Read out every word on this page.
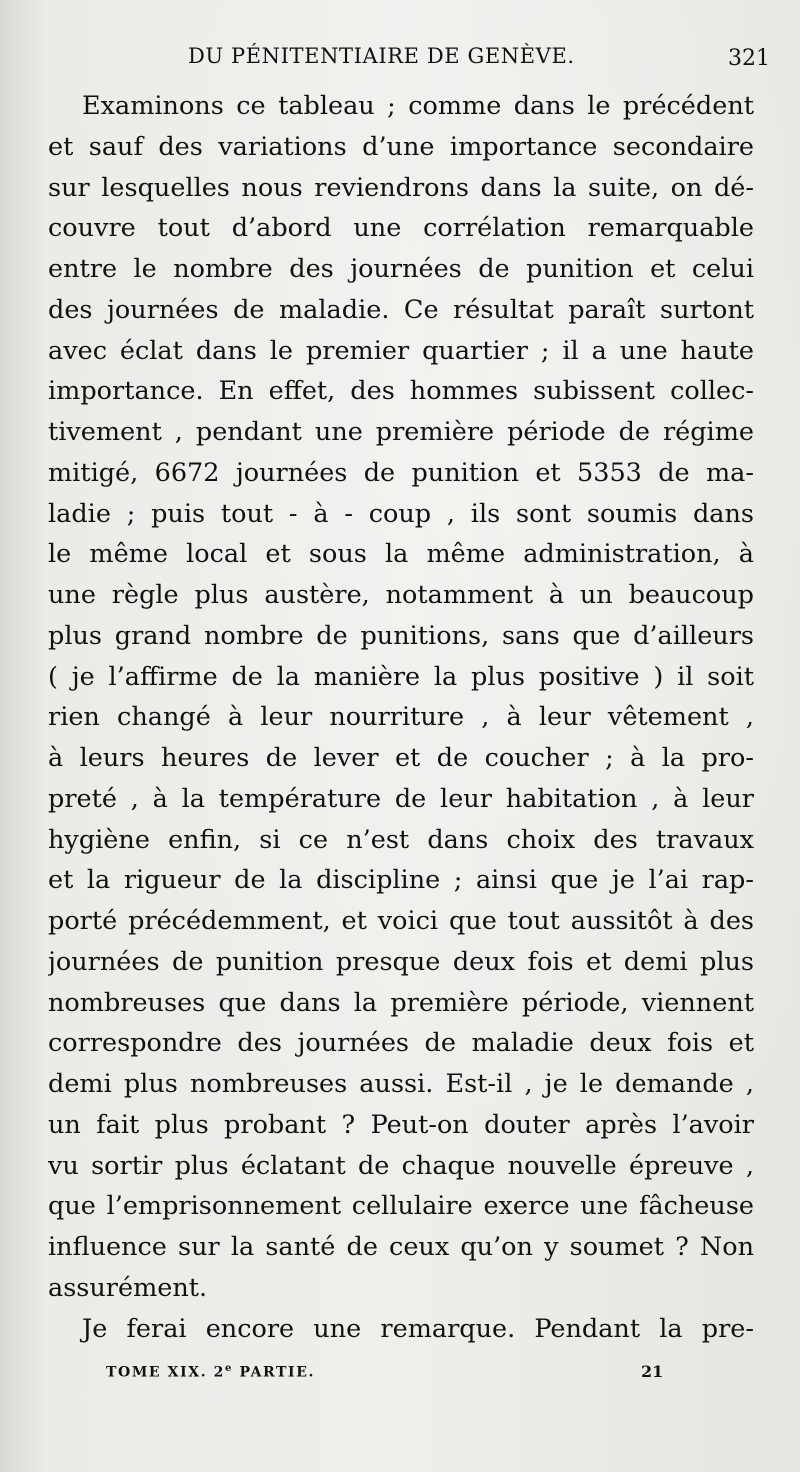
DU PÉNITENTIAIRE DE GENÈVE.	321
Examinons ce tableau ; comme dans le précédent
et sauf des variations d’une importance secondaire
sur lesquelles nous reviendrons dans la suite, on dé-
couvre tout d’abord une corrélation remarquable
entre le nombre des journées de punition et celui
des journées de maladie. Ce résultat paraît surtont
avec éclat dans le premier quartier ; il a une haute
importance. En effet, des hommes subissent collec-
tivement , pendant une première période de régime
mitigé, 6672 journées de punition et 5353 de ma-
ladie ; puis tout - à - coup , ils sont soumis dans
le même local et sous la même administration, à
une règle plus austère, notamment à un beaucoup
plus grand nombre de punitions, sans que d’ailleurs
( je l’affirme de la manière la plus positive ) il soit
rien changé à leur nourriture , à leur vêtement ,
à leurs heures de lever et de coucher ; à la pro-
preté , à la température de leur habitation , à leur
hygiène enfin, si ce n’est dans choix des travaux
et la rigueur de la discipline ; ainsi que je l’ai rap-
porté précédemment, et voici que tout aussitôt à des
journées de punition presque deux fois et demi plus
nombreuses que dans la première période, viennent
correspondre des journées de maladie deux fois et
demi plus nombreuses aussi. Est-il , je le demande ,
un fait plus probant ? Peut-on douter après l’avoir
vu sortir plus éclatant de chaque nouvelle épreuve ,
que l’emprisonnement cellulaire exerce une fâcheuse
influence sur la santé de ceux qu’on y soumet ? Non
assurément.
Je ferai encore une remarque. Pendant la pre-
TOME XIX. 2e PARTIE.	21
